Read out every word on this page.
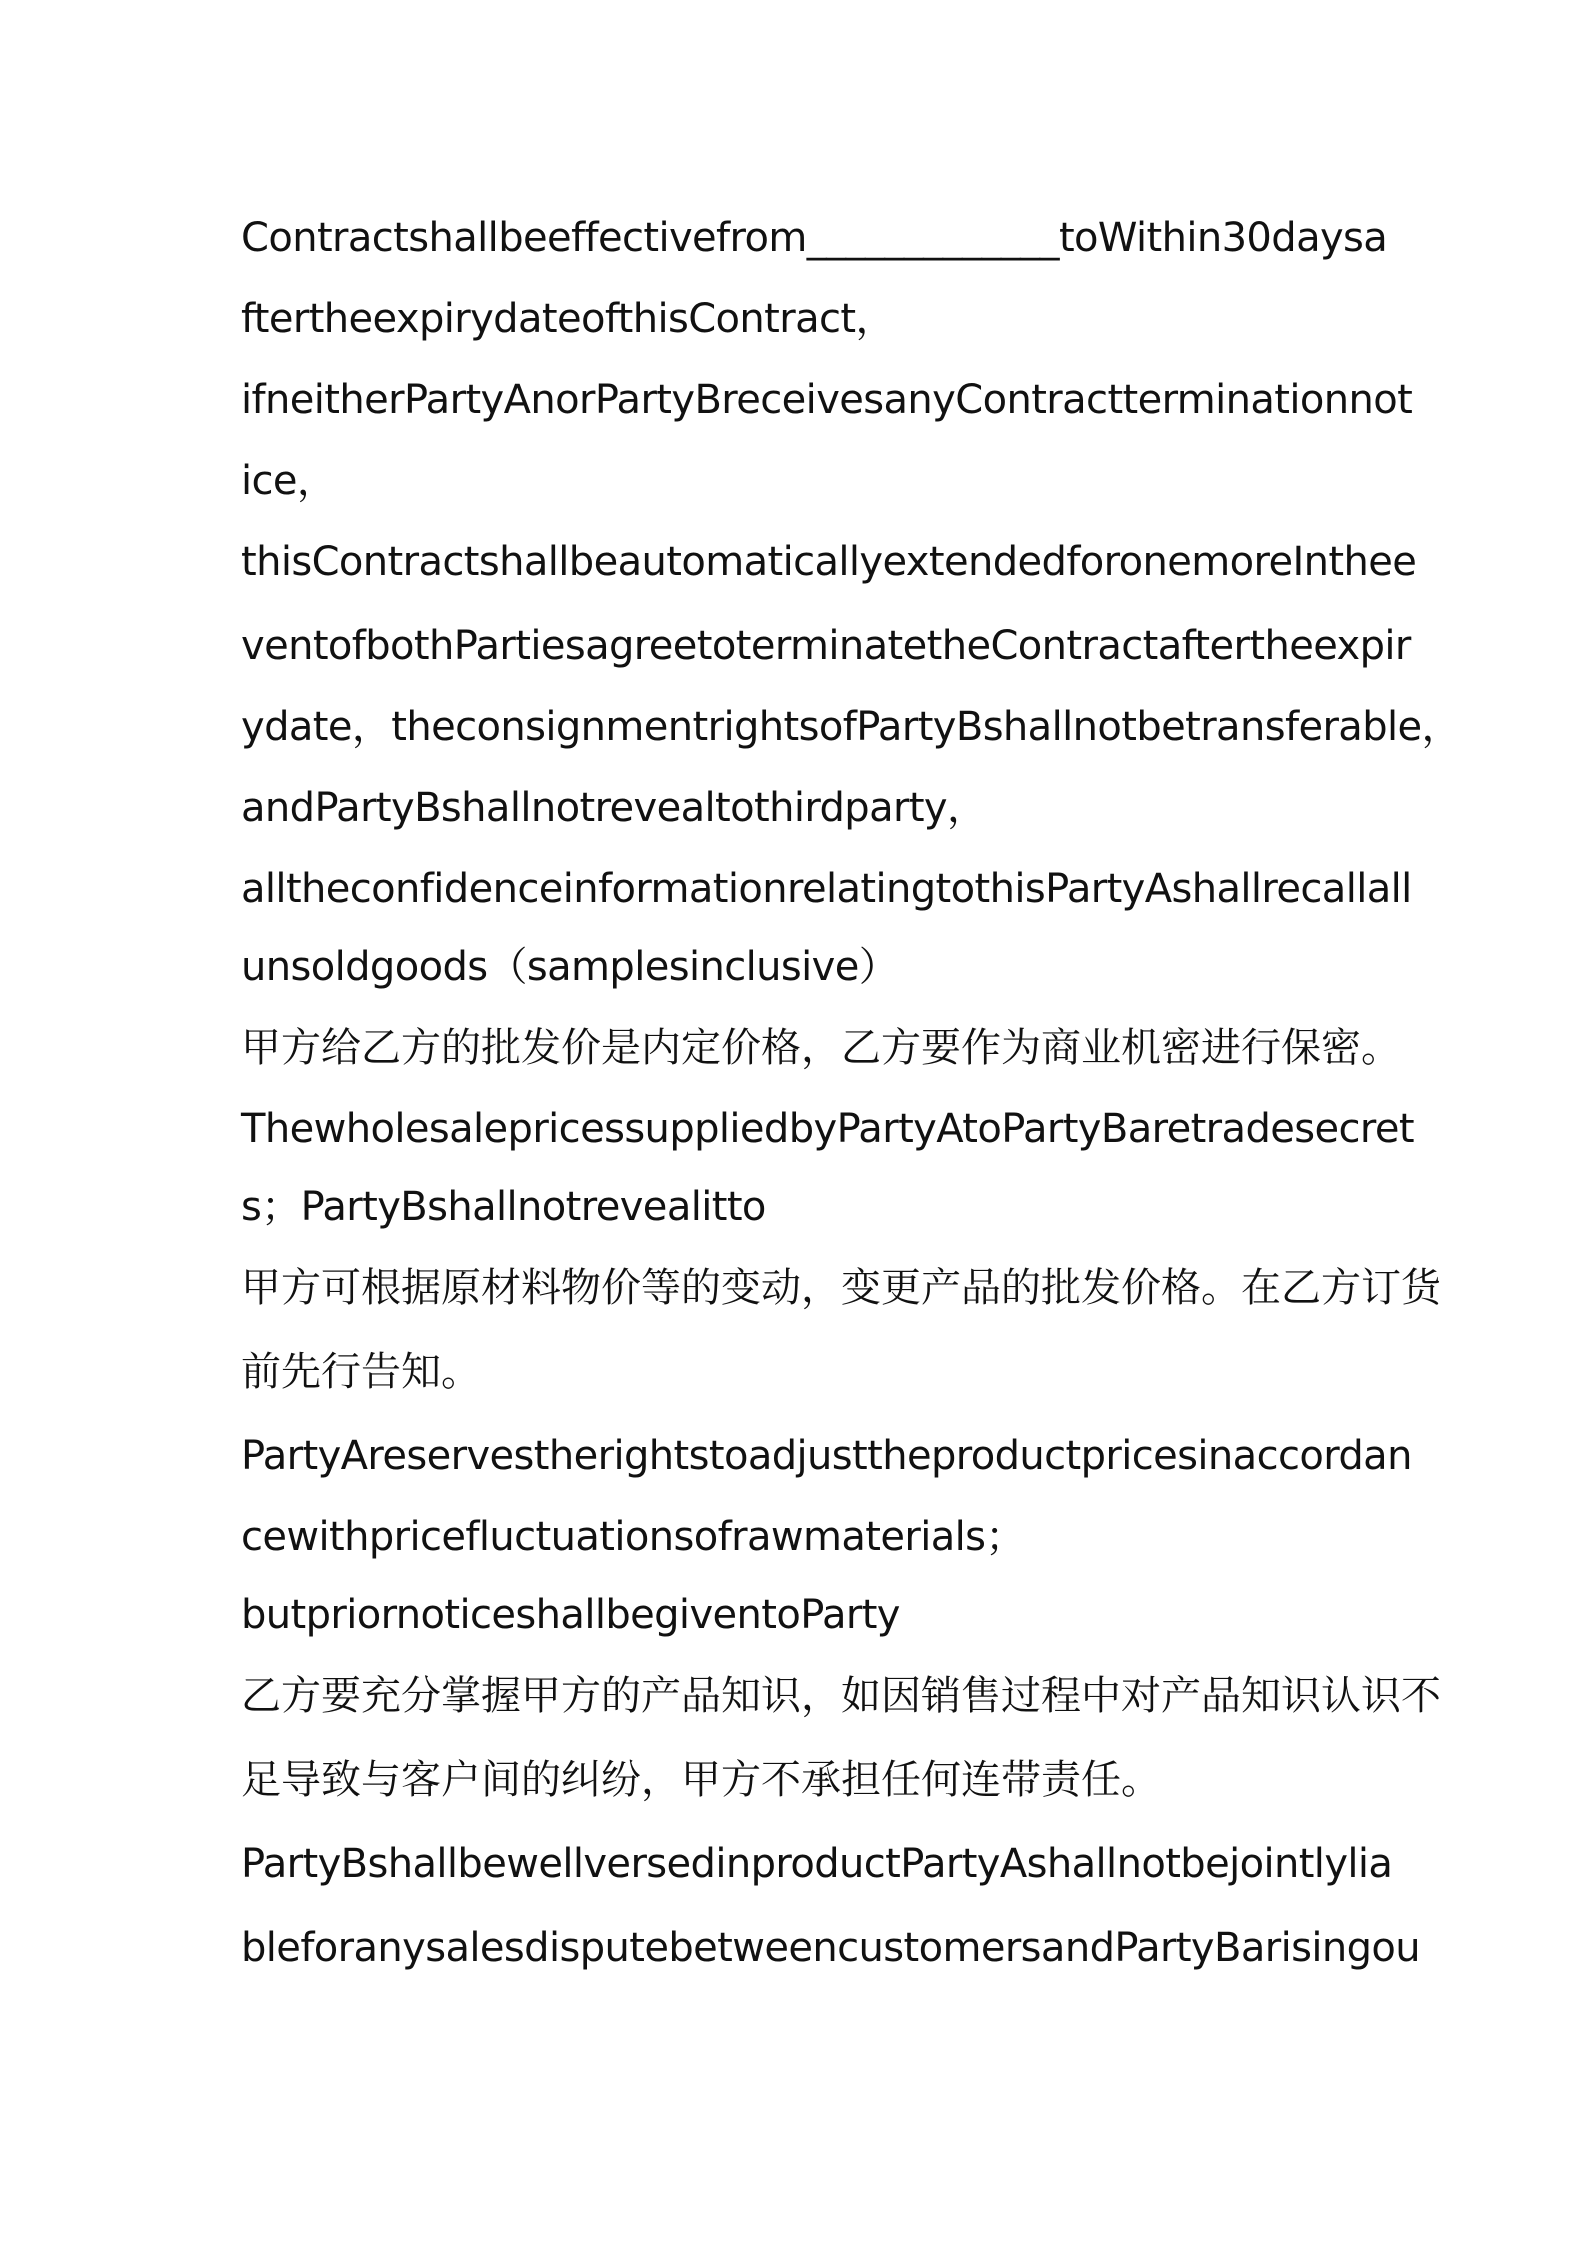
Contractshallbeeffectivefrom_____________toWithin30daysa
ftertheexpirydateofthisContract，
ifneitherPartyAnorPartyBreceivesanyContractterminationnot
ice，
thisContractshallbeautomaticallyextendedforonemoreIntheе
ventofbothPartiesagreetoterminatetheContractaftertheexpir
ydate，theconsignmentrightsofPartyBshallnotbetransferable，
andPartyBshallnotrevealtothirdparty，
alltheconfidenceinformationrelatingtothisPartyAshallrecallall
unsoldgoods（samplesinclusive）
甲方给乙方的批发价是内定价格，乙方要作为商业机密进行保密。
ThewholesalepricessuppliedbyPartyAtoPartyBaretradesecret
s；PartyBshallnotrevealitto
甲方可根据原材料物价等的变动，变更产品的批发价格。在乙方订货
前先行告知。
PartyAreservestherightstoadjusttheproductpricesinaccordan
cewithpricefluctuationsofrawmaterials；
butpriornoticeshallbegiventoParty
乙方要充分掌握甲方的产品知识，如因销售过程中对产品知识认识不
足导致与客户间的纠纷，甲方不承担任何连带责任。
PartyBshallbewellversedinproductPartyAshallnotbejointlylia
bleforanysalesdisputebetweencustomersandPartyBarisingou
